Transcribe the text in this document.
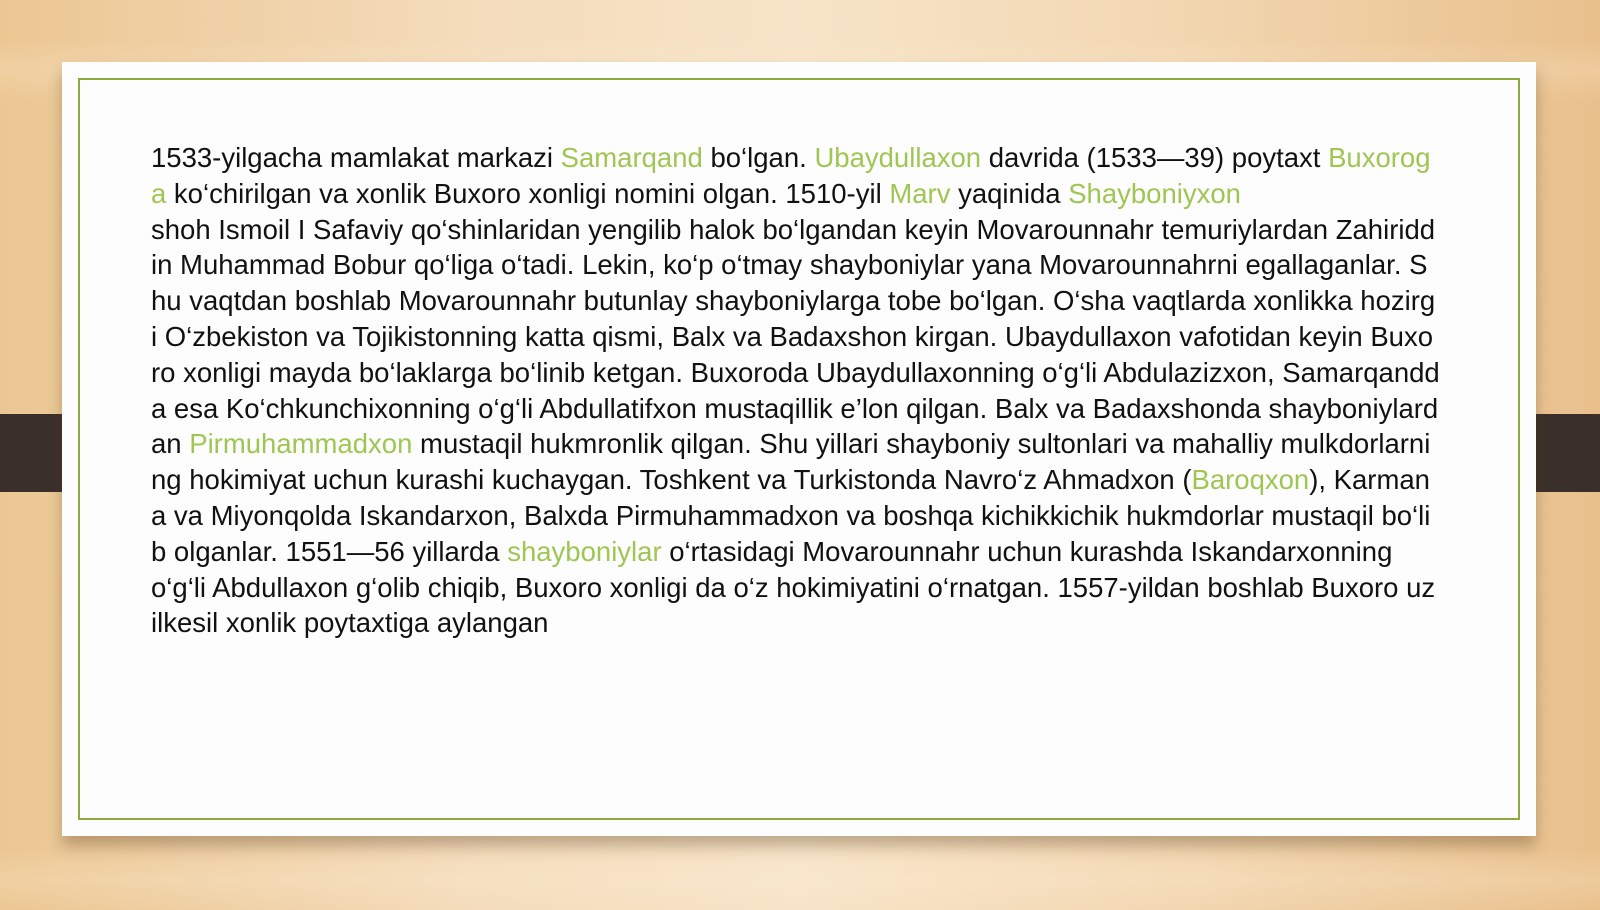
1533-yilgacha mamlakat markazi Samarqand bo‘lgan. Ubaydullaxon davrida (1533—39) poytaxt Buxoroga ko‘chirilgan va xonlik Buxoro xonligi nomini olgan. 1510-yil Marv yaqinida Shayboniyxon
shoh Ismoil I Safaviy qo‘shinlaridan yengilib halok bo‘lgandan keyin Movarounnahr temuriylardan Zahiriddin Muhammad Bobur qo‘liga o‘tadi. Lekin, ko‘p o‘tmay shayboniylar yana Movarounnahrni egallaganlar. Shu vaqtdan boshlab Movarounnahr butunlay shayboniylarga tobe bo‘lgan. O‘sha vaqtlarda xonlikka hozirgi O‘zbekiston va Tojikistonning katta qismi, Balx va Badaxshon kirgan. Ubaydullaxon vafotidan keyin Buxoro xonligi mayda bo‘laklarga bo‘linib ketgan. Buxoroda Ubaydullaxonning o‘g‘li Abdulazizxon, Samarqandda esa Ko‘chkunchixonning o‘g‘li Abdullatifxon mustaqillik e’lon qilgan. Balx va Badaxshonda shayboniylardan Pirmuhammadxon mustaqil hukmronlik qilgan. Shu yillari shayboniy sultonlari va mahalliy mulkdorlarning hokimiyat uchun kurashi kuchaygan. Toshkent va Turkistonda Navro‘z Ahmadxon (Baroqxon), Karmana va Miyonqolda Iskandarxon, Balxda Pirmuhammadxon va boshqa kichikkichik hukmdorlar mustaqil bo‘lib olganlar. 1551—56 yillarda shayboniylar o‘rtasidagi Movarounnahr uchun kurashda Iskandarxonning o‘g‘li Abdullaxon g‘olib chiqib, Buxoro xonligi da o‘z hokimiyatini o‘rnatgan. 1557-yildan boshlab Buxoro uzilkesil xonlik poytaxtiga aylangan
